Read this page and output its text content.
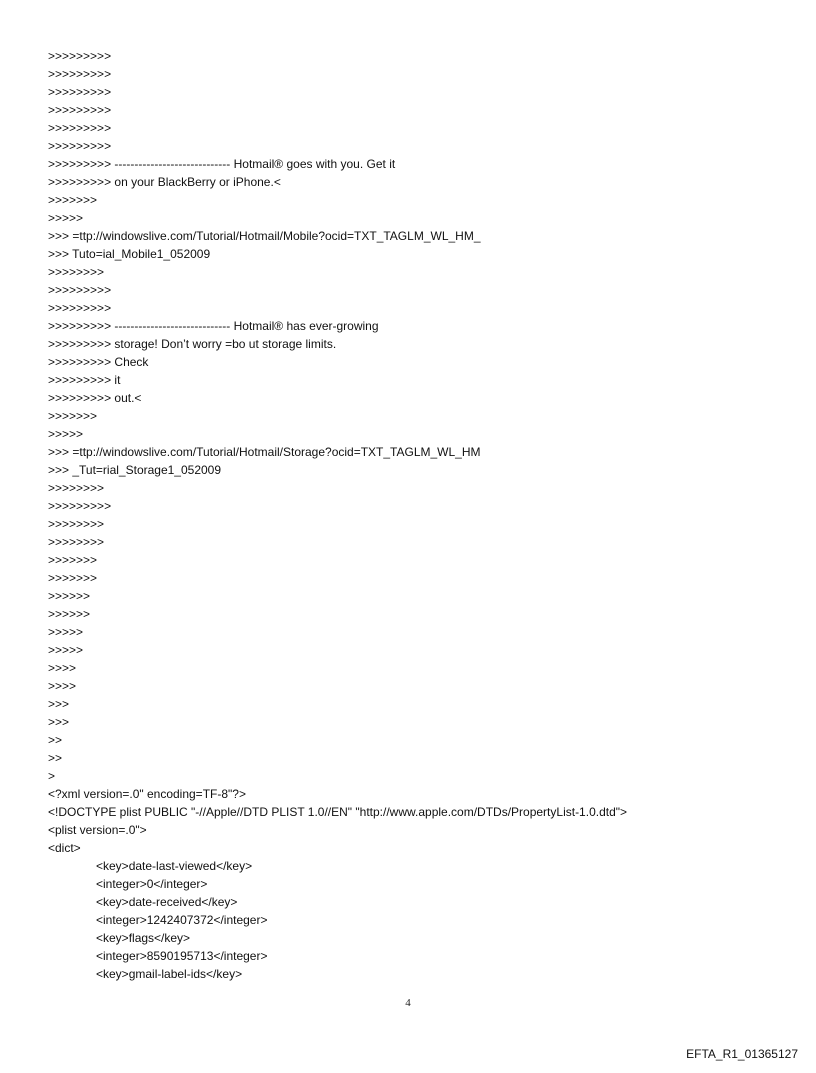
>>>>>>>>>
>>>>>>>>>
>>>>>>>>>
>>>>>>>>>
>>>>>>>>>
>>>>>>>>>
>>>>>>>>> ----------------------------- Hotmail® goes with you. Get it
>>>>>>>>> on your BlackBerry or iPhone.<
>>>>>>>
>>>>>
>>> =ttp://windowslive.com/Tutorial/Hotmail/Mobile?ocid=TXT_TAGLM_WL_HM_
>>> Tuto=ial_Mobile1_052009
>>>>>>>>
>>>>>>>>>
>>>>>>>>>
>>>>>>>>> ----------------------------- Hotmail® has ever-growing
>>>>>>>>> storage! Don’t worry =bo ut storage limits.
>>>>>>>>> Check
>>>>>>>>> it
>>>>>>>>> out.<
>>>>>>>
>>>>>
>>> =ttp://windowslive.com/Tutorial/Hotmail/Storage?ocid=TXT_TAGLM_WL_HM
>>> _Tut=rial_Storage1_052009
>>>>>>>>
>>>>>>>>>
>>>>>>>>
>>>>>>>>
>>>>>>>
>>>>>>>
>>>>>>
>>>>>>
>>>>>
>>>>>
>>>>
>>>>
>>>
>>>
>>
>>
>
<?xml version=.0" encoding=TF-8"?>
<!DOCTYPE plist PUBLIC "-//Apple//DTD PLIST 1.0//EN" "http://www.apple.com/DTDs/PropertyList-1.0.dtd">
<plist version=.0">
<dict>
<key>date-last-viewed</key>
<integer>0</integer>
<key>date-received</key>
<integer>1242407372</integer>
<key>flags</key>
<integer>8590195713</integer>
<key>gmail-label-ids</key>
4
EFTA_R1_01365127
